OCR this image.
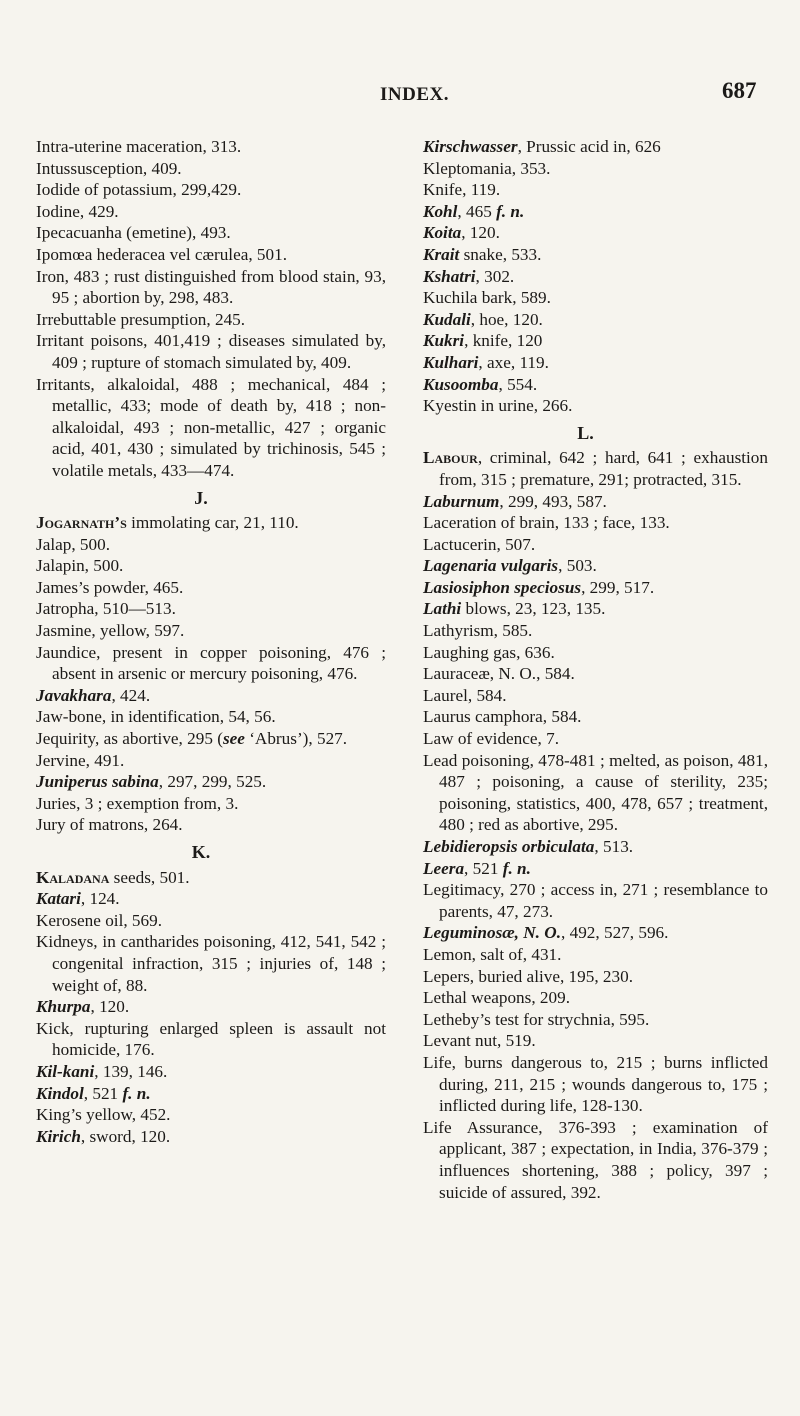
INDEX.	687
Intra-uterine maceration, 313.
Intussusception, 409.
Iodide of potassium, 299,429.
Iodine, 429.
Ipecacuanha (emetine), 493.
Ipomœa hederacea vel cærulea, 501.
Iron, 483 ; rust distinguished from blood stain, 93, 95 ; abortion by, 298, 483.
Irrebuttable presumption, 245.
Irritant poisons, 401,419 ; diseases simulated by, 409 ; rupture of stomach simulated by, 409.
Irritants, alkaloidal, 488 ; mechanical, 484 ; metallic, 433; mode of death by, 418 ; non-alkaloidal, 493 ; non-metallic, 427 ; organic acid, 401, 430 ; simulated by trichinosis, 545 ; volatile metals, 433—474.
J.
Jogarnath’s immolating car, 21, 110.
Jalap, 500.
Jalapin, 500.
James’s powder, 465.
Jatropha, 510—513.
Jasmine, yellow, 597.
Jaundice, present in copper poisoning, 476 ; absent in arsenic or mercury poisoning, 476.
Javakhara, 424.
Jaw-bone, in identification, 54, 56.
Jequirity, as abortive, 295 (see ‘Abrus’), 527.
Jervine, 491.
Juniperus sabina, 297, 299, 525.
Juries, 3 ; exemption from, 3.
Jury of matrons, 264.
K.
Kaladana seeds, 501.
Katari, 124.
Kerosene oil, 569.
Kidneys, in cantharides poisoning, 412, 541, 542 ; congenital infraction, 315 ; injuries of, 148 ; weight of, 88.
Khurpa, 120.
Kick, rupturing enlarged spleen is assault not homicide, 176.
Kil-kani, 139, 146.
Kindol, 521 f. n.
King’s yellow, 452.
Kirich, sword, 120.
Kirschwasser, Prussic acid in, 626
Kleptomania, 353.
Knife, 119.
Kohl, 465 f. n.
Koita, 120.
Krait snake, 533.
Kshatri, 302.
Kuchila bark, 589.
Kudali, hoe, 120.
Kukri, knife, 120
Kulhari, axe, 119.
Kusoomba, 554.
Kyestin in urine, 266.
L.
Labour, criminal, 642 ; hard, 641 ; exhaustion from, 315 ; premature, 291; protracted, 315.
Laburnum, 299, 493, 587.
Laceration of brain, 133 ; face, 133.
Lactucerin, 507.
Lagenaria vulgaris, 503.
Lasiosiphon speciosus, 299, 517.
Lathi blows, 23, 123, 135.
Lathyrism, 585.
Laughing gas, 636.
Lauraceæ, N. O., 584.
Laurel, 584.
Laurus camphora, 584.
Law of evidence, 7.
Lead poisoning, 478-481 ; melted, as poison, 481, 487 ; poisoning, a cause of sterility, 235; poisoning, statistics, 400, 478, 657 ; treatment, 480 ; red as abortive, 295.
Lebidieropsis orbiculata, 513.
Leera, 521 f. n.
Legitimacy, 270 ; access in, 271 ; resemblance to parents, 47, 273.
Leguminosæ, N. O., 492, 527, 596.
Lemon, salt of, 431.
Lepers, buried alive, 195, 230.
Lethal weapons, 209.
Letheby’s test for strychnia, 595.
Levant nut, 519.
Life, burns dangerous to, 215 ; burns inflicted during, 211, 215 ; wounds dangerous to, 175 ; inflicted during life, 128-130.
Life Assurance, 376-393 ; examination of applicant, 387 ; expectation, in India, 376-379 ; influences shortening, 388 ; policy, 397 ; suicide of assured, 392.
